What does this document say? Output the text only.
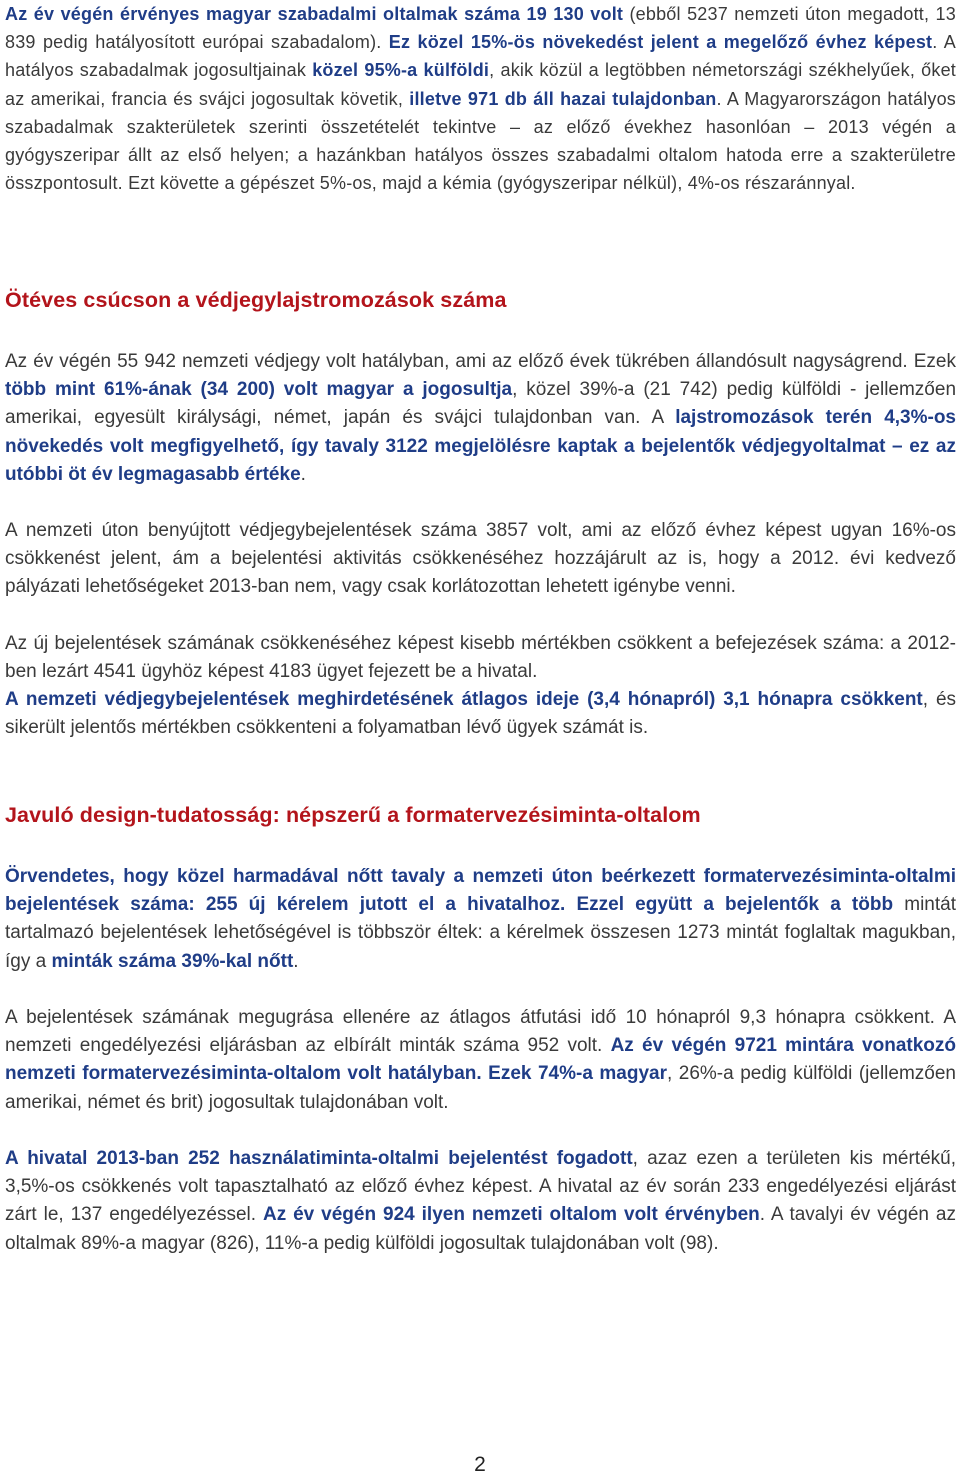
Az év végén érvényes magyar szabadalmi oltalmak száma 19 130 volt (ebből 5237 nemzeti úton megadott, 13 839 pedig hatályosított európai szabadalom). Ez közel 15%-ös növekedést jelent a megelőző évhez képest. A hatályos szabadalmak jogosultjainak közel 95%-a külföldi, akik közül a legtöbben németországi székhelyűek, őket az amerikai, francia és svájci jogosultak követik, illetve 971 db áll hazai tulajdonban. A Magyarországon hatályos szabadalmak szakterületek szerinti összetételét tekintve – az előző évekhez hasonlóan – 2013 végén a gyógyszeripar állt az első helyen; a hazánkban hatályos összes szabadalmi oltalom hatoda erre a szakterületre összpontosult. Ezt követte a gépészet 5%-os, majd a kémia (gyógyszeripar nélkül), 4%-os részaránnyal.

Ötéves csúcson a védjegylajstromozások száma

Az év végén 55 942 nemzeti védjegy volt hatályban, ami az előző évek tükrében állandósult nagyságrend. Ezek több mint 61%-ának (34 200) volt magyar a jogosultja, közel 39%-a (21 742) pedig külföldi - jellemzően amerikai, egyesült királysági, német, japán és svájci tulajdonban van. A lajstromozások terén 4,3%-os növekedés volt megfigyelhető, így tavaly 3122 megjelölésre kaptak a bejelentők védjegyoltalmat – ez az utóbbi öt év legmagasabb értéke.

A nemzeti úton benyújtott védjegybejelentések száma 3857 volt, ami az előző évhez képest ugyan 16%-os csökkenést jelent, ám a bejelentési aktivitás csökkenéséhez hozzájárult az is, hogy a 2012. évi kedvező pályázati lehetőségeket 2013-ban nem, vagy csak korlátozottan lehetett igénybe venni.

Az új bejelentések számának csökkenéséhez képest kisebb mértékben csökkent a befejezések száma: a 2012-ben lezárt 4541 ügyhöz képest 4183 ügyet fejezett be a hivatal.

A nemzeti védjegybejelentések meghirdetésének átlagos ideje (3,4 hónapról) 3,1 hónapra csökkent, és sikerült jelentős mértékben csökkenteni a folyamatban lévő ügyek számát is.

Javuló design-tudatosság: népszerű a formatervezésiminta-oltalom

Örvendetes, hogy közel harmadával nőtt tavaly a nemzeti úton beérkezett formatervezésiminta-oltalmi bejelentések száma: 255 új kérelem jutott el a hivatalhoz. Ezzel együtt a bejelentők a több mintát tartalmazó bejelentések lehetőségével is többször éltek: a kérelmek összesen 1273 mintát foglaltak magukban, így a minták száma 39%-kal nőtt.

A bejelentések számának megugrása ellenére az átlagos átfutási idő 10 hónapról 9,3 hónapra csökkent. A nemzeti engedélyezési eljárásban az elbírált minták száma 952 volt. Az év végén 9721 mintára vonatkozó nemzeti formatervezésiminta-oltalom volt hatályban. Ezek 74%-a magyar, 26%-a pedig külföldi (jellemzően amerikai, német és brit) jogosultak tulajdonában volt.

A hivatal 2013-ban 252 használatiminta-oltalmi bejelentést fogadott, azaz ezen a területen kis mértékű, 3,5%-os csökkenés volt tapasztalható az előző évhez képest. A hivatal az év során 233 engedélyezési eljárást zárt le, 137 engedélyezéssel. Az év végén 924 ilyen nemzeti oltalom volt érvényben. A tavalyi év végén az oltalmak 89%-a magyar (826), 11%-a pedig külföldi jogosultak tulajdonában volt (98).

2
